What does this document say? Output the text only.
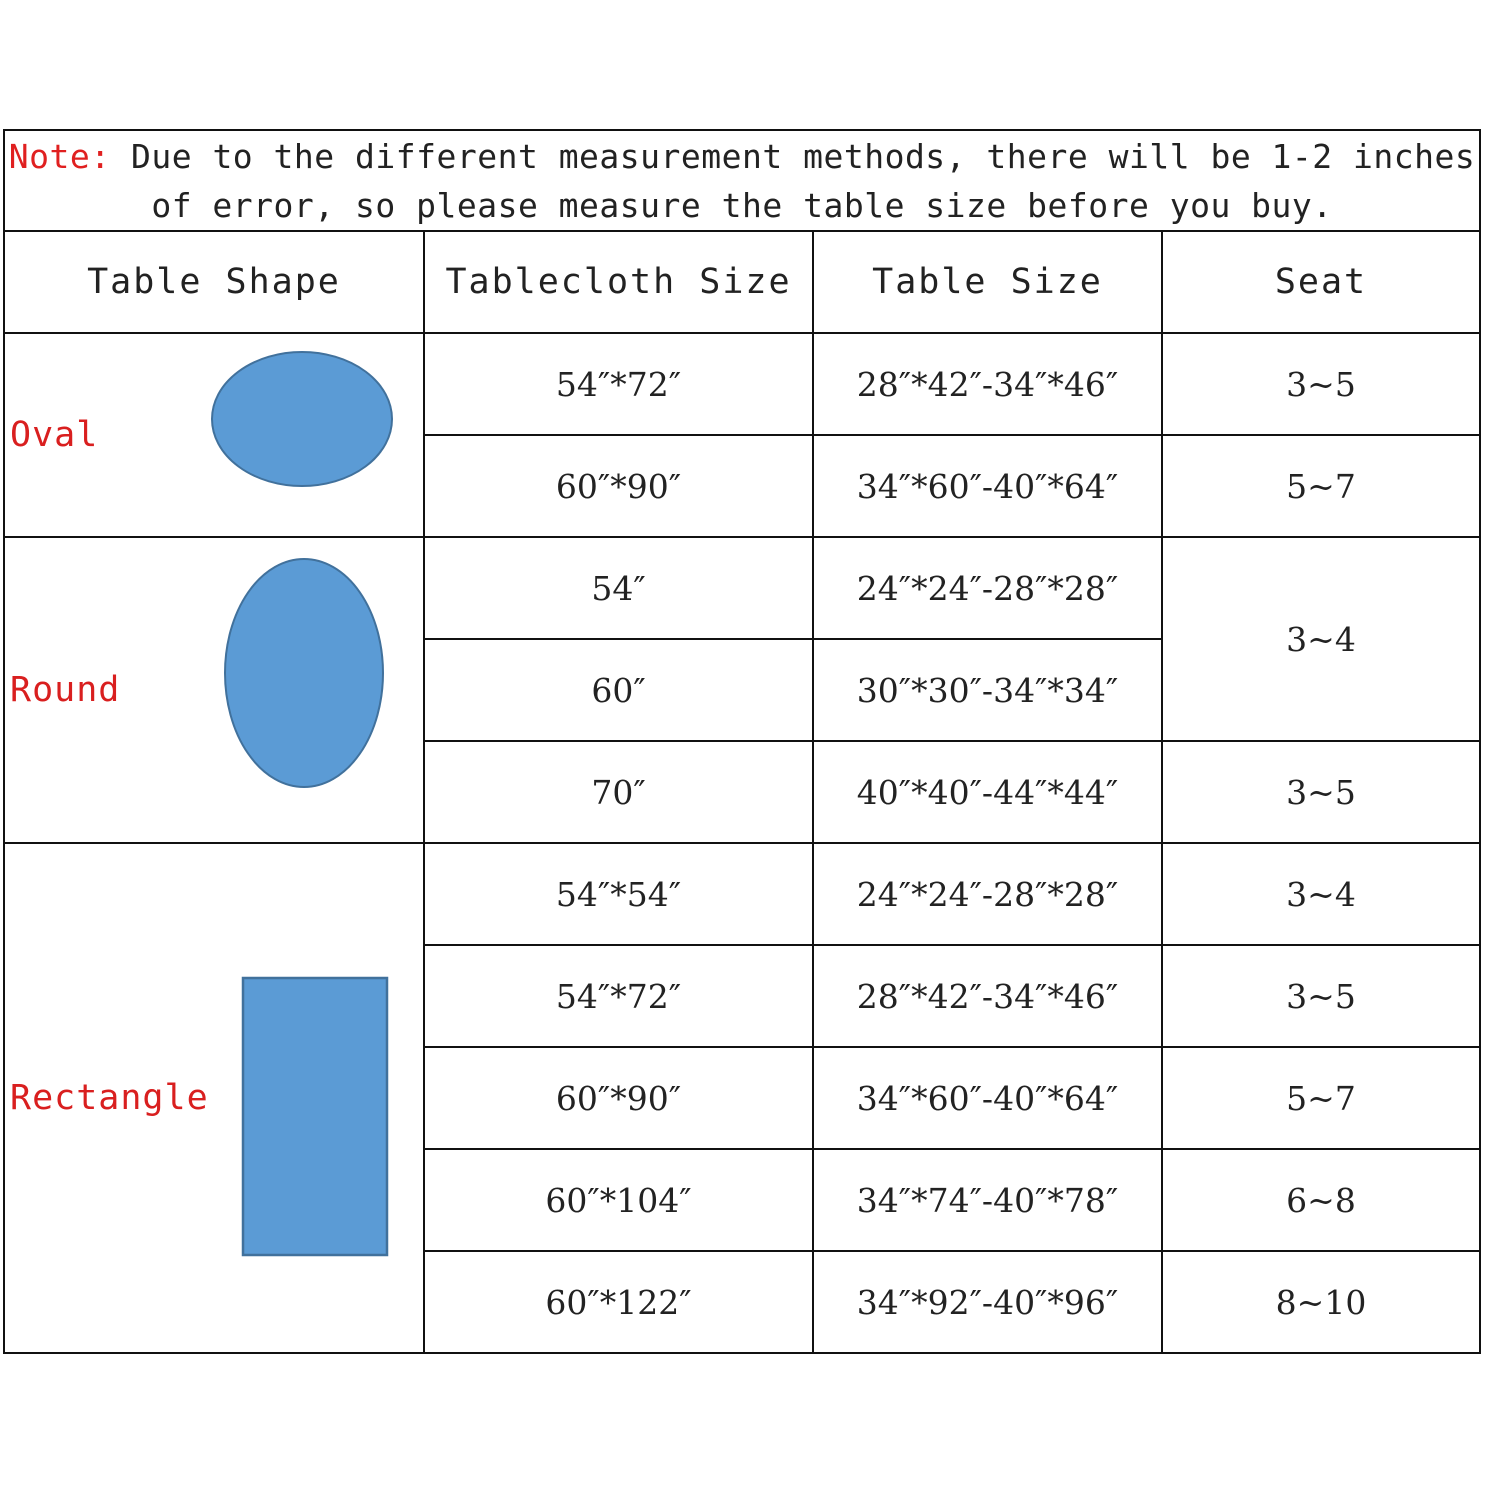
Note: Due to the different measurement methods, there will be 1-2 inches of error, so please measure the table size before you buy.			
Table Shape	Tablecloth Size	Table Size	Seat

Oval	54″*72″	28″*42″-34″*46″	3~5
	60″*90″	34″*60″-40″*64″	5~7

Round	54″	24″*24″-28″*28″	3~4
	60″	30″*30″-34″*34″	
	70″	40″*40″-44″*44″	3~5

Rectangle	54″*54″	24″*24″-28″*28″	3~4
	54″*72″	28″*42″-34″*46″	3~5
	60″*90″	34″*60″-40″*64″	5~7
	60″*104″	34″*74″-40″*78″	6~8
	60″*122″	34″*92″-40″*96″	8~10
